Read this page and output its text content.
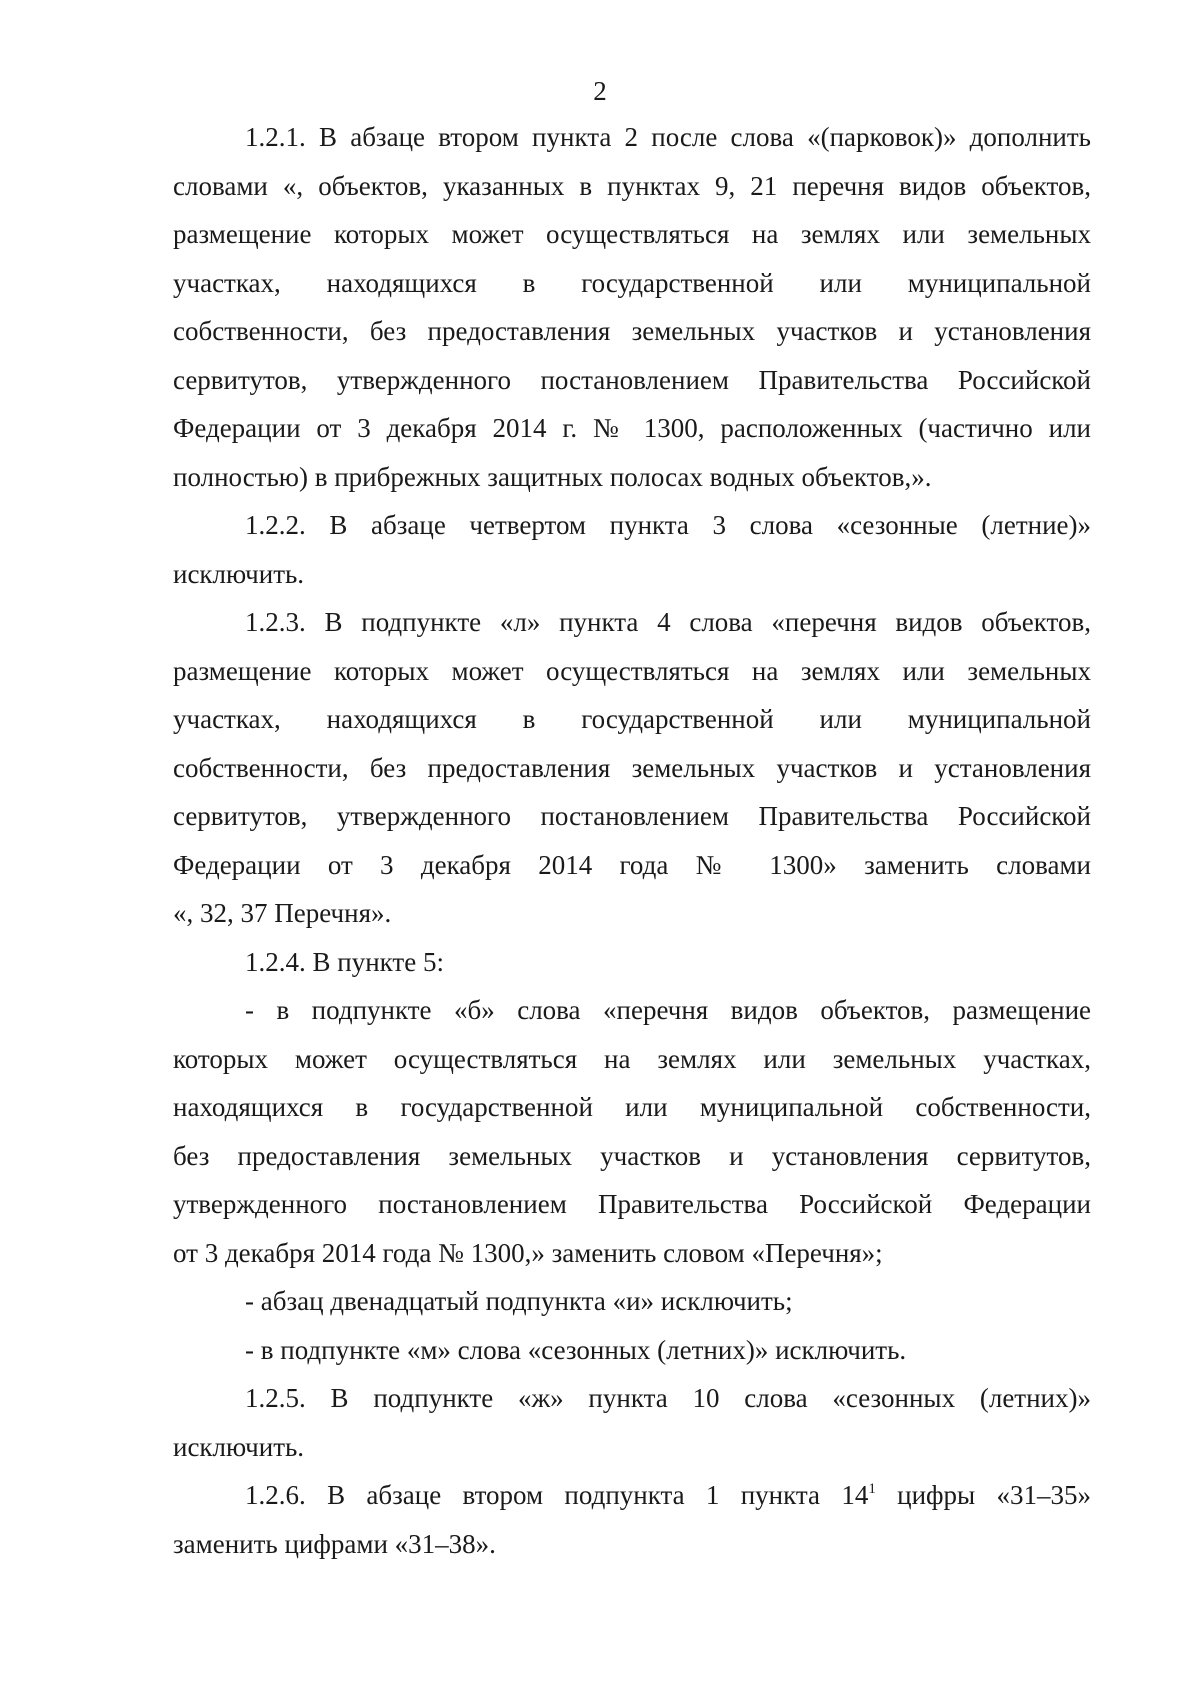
2
1.2.1. В абзаце втором пункта 2 после слова «(парковок)» дополнить
словами «, объектов, указанных в пунктах 9, 21 перечня видов объектов,
размещение которых может осуществляться на землях или земельных
участках, находящихся в государственной или муниципальной
собственности, без предоставления земельных участков и установления
сервитутов, утвержденного постановлением Правительства Российской
Федерации от 3 декабря 2014 г. № 1300, расположенных (частично или
полностью) в прибрежных защитных полосах водных объектов,».
1.2.2. В абзаце четвертом пункта 3 слова «сезонные (летние)»
исключить.
1.2.3. В подпункте «л» пункта 4 слова «перечня видов объектов,
размещение которых может осуществляться на землях или земельных
участках, находящихся в государственной или муниципальной
собственности, без предоставления земельных участков и установления
сервитутов, утвержденного постановлением Правительства Российской
Федерации от 3 декабря 2014 года № 1300» заменить словами
«, 32, 37 Перечня».
1.2.4. В пункте 5:
- в подпункте «б» слова «перечня видов объектов, размещение
которых может осуществляться на землях или земельных участках,
находящихся в государственной или муниципальной собственности,
без предоставления земельных участков и установления сервитутов,
утвержденного постановлением Правительства Российской Федерации
от 3 декабря 2014 года № 1300,» заменить словом «Перечня»;
- абзац двенадцатый подпункта «и» исключить;
- в подпункте «м» слова «сезонных (летних)» исключить.
1.2.5. В подпункте «ж» пункта 10 слова «сезонных (летних)»
исключить.
1.2.6. В абзаце втором подпункта 1 пункта $14^1$ цифры «31–35»
заменить цифрами «31–38».
